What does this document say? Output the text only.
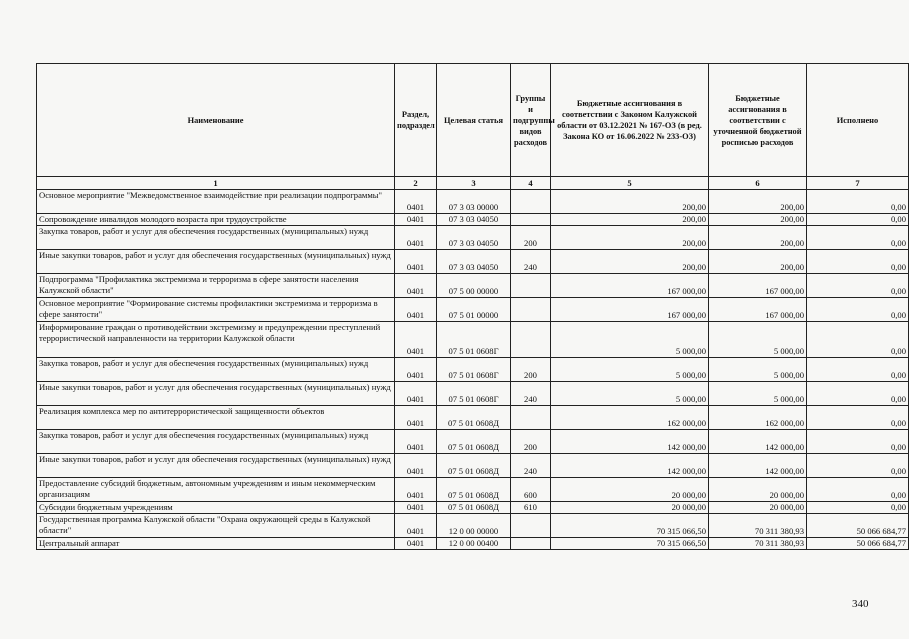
Наименование	Раздел, подраздел	Целевая статья	Группы и подгруппы видов расходов	Бюджетные ассигнования в соответствии с Законом Калужской области от 03.12.2021 № 167-ОЗ (в ред. Закона КО от 16.06.2022 № 233-ОЗ)	Бюджетные ассигнования в соответствии с уточненной бюджетной росписью расходов	Исполнено
1	2	3	4	5	6	7
Основное мероприятие "Межведомственное взаимодействие при реализации подпрограммы"	0401	07 3 03 00000		200,00	200,00	0,00
Сопровождение инвалидов молодого возраста при трудоустройстве	0401	07 3 03 04050		200,00	200,00	0,00
Закупка товаров, работ и услуг для обеспечения государственных (муниципальных) нужд	0401	07 3 03 04050	200	200,00	200,00	0,00
Иные закупки товаров, работ и услуг для обеспечения государственных (муниципальных) нужд	0401	07 3 03 04050	240	200,00	200,00	0,00
Подпрограмма "Профилактика экстремизма и терроризма в сфере занятости населения Калужской области"	0401	07 5 00 00000		167 000,00	167 000,00	0,00
Основное мероприятие "Формирование системы профилактики экстремизма и терроризма в сфере занятости"	0401	07 5 01 00000		167 000,00	167 000,00	0,00
Информирование граждан о противодействии экстремизму и предупреждении преступлений террористической направленности на территории Калужской области	0401	07 5 01 0608Г		5 000,00	5 000,00	0,00
Закупка товаров, работ и услуг для обеспечения государственных (муниципальных) нужд	0401	07 5 01 0608Г	200	5 000,00	5 000,00	0,00
Иные закупки товаров, работ и услуг для обеспечения государственных (муниципальных) нужд	0401	07 5 01 0608Г	240	5 000,00	5 000,00	0,00
Реализация комплекса мер по антитеррористической защищенности объектов	0401	07 5 01 0608Д		162 000,00	162 000,00	0,00
Закупка товаров, работ и услуг для обеспечения государственных (муниципальных) нужд	0401	07 5 01 0608Д	200	142 000,00	142 000,00	0,00
Иные закупки товаров, работ и услуг для обеспечения государственных (муниципальных) нужд	0401	07 5 01 0608Д	240	142 000,00	142 000,00	0,00
Предоставление субсидий бюджетным, автономным учреждениям и иным некоммерческим организациям	0401	07 5 01 0608Д	600	20 000,00	20 000,00	0,00
Субсидии бюджетным учреждениям	0401	07 5 01 0608Д	610	20 000,00	20 000,00	0,00
Государственная программа Калужской области "Охрана окружающей среды в Калужской области"	0401	12 0 00 00000		70 315 066,50	70 311 380,93	50 066 684,77
Центральный аппарат	0401	12 0 00 00400		70 315 066,50	70 311 380,93	50 066 684,77
340
